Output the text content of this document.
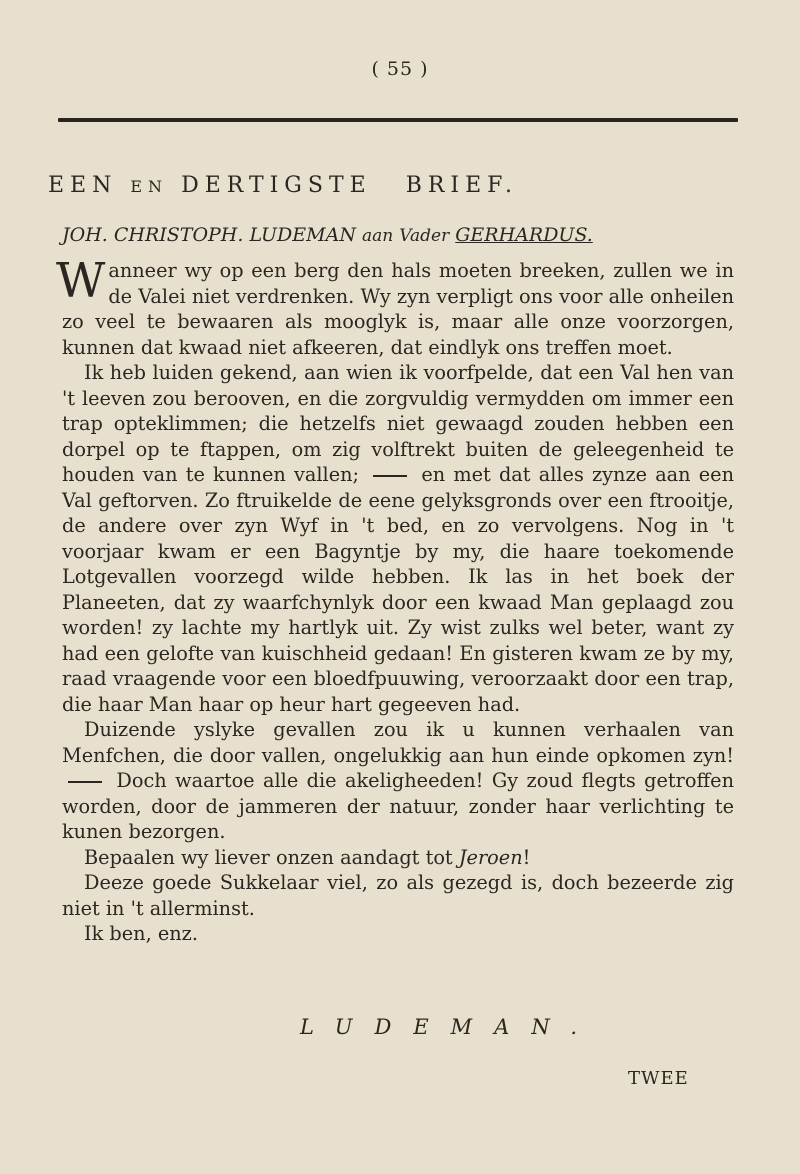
( 55 )
EEN EN DERTIGSTE BRIEF.
JOH. CHRISTOPH. LUDEMAN aan Vader GERHARDUS.

Wanneer wy op een berg den hals moeten breeken, zullen we in de Valei niet verdrenken. Wy zyn verpligt ons voor alle onheilen zo veel te bewaaren als mooglyk is, maar alle onze voorzorgen, kunnen dat kwaad niet afkeeren, dat eindlyk ons treffen moet.

Ik heb luiden gekend, aan wien ik voorfpelde, dat een Val hen van 't leeven zou berooven, en die zorgvuldig vermydden om immer een trap opteklimmen; die hetzelfs niet gewaagd zouden hebben een dorpel op te ftappen, om zig volftrekt buiten de geleegenheid te houden van te kunnen vallen;	en met dat alles zynze aan een Val geftorven. Zo ftruikelde de eene gelyksgronds over een ftrooitje, de andere over zyn Wyf in 't bed, en zo vervolgens. Nog in 't voorjaar kwam er een Bagyntje by my, die haare toekomende Lotgevallen voorzegd wilde hebben. Ik las in het boek der Planeeten, dat zy waarfchynlyk door een kwaad Man geplaagd zou worden! zy lachte my hartlyk uit. Zy wist zulks wel beter, want zy had een gelofte van kuischheid gedaan! En gisteren kwam ze by my, raad vraagende voor een bloedfpuuwing, veroorzaakt door een trap, die haar Man haar op heur hart gegeeven had.

Duizende yslyke gevallen zou ik u kunnen verhaalen van Menfchen, die door vallen, ongelukkig aan hun einde opkomen zyn!  Doch waartoe alle die akeligheeden! Gy zoud flegts getroffen worden, door de jammeren der natuur, zonder haar verlichting te kunen bezorgen.

Bepaalen wy liever onzen aandagt tot Jeroen!

Deeze goede Sukkelaar viel, zo als gezegd is, doch bezeerde zig niet in 't allerminst.

Ik ben, enz.

LUDEMAN.
TWEE
